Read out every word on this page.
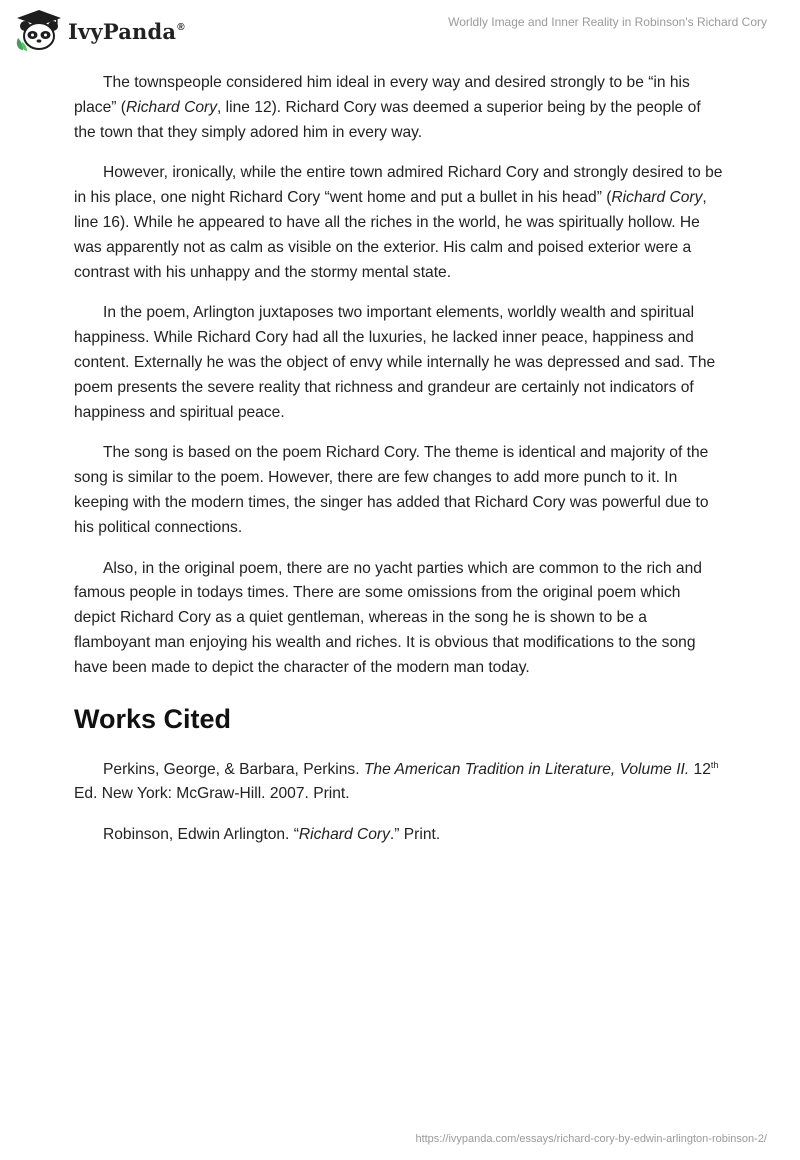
IvyPanda®	Worldly Image and Inner Reality in Robinson's Richard Cory

The townspeople considered him ideal in every way and desired strongly to be “in his place” (Richard Cory, line 12). Richard Cory was deemed a superior being by the people of the town that they simply adored him in every way.

However, ironically, while the entire town admired Richard Cory and strongly desired to be in his place, one night Richard Cory “went home and put a bullet in his head” (Richard Cory, line 16). While he appeared to have all the riches in the world, he was spiritually hollow. He was apparently not as calm as visible on the exterior. His calm and poised exterior were a contrast with his unhappy and the stormy mental state.

In the poem, Arlington juxtaposes two important elements, worldly wealth and spiritual happiness. While Richard Cory had all the luxuries, he lacked inner peace, happiness and content. Externally he was the object of envy while internally he was depressed and sad. The poem presents the severe reality that richness and grandeur are certainly not indicators of happiness and spiritual peace.

The song is based on the poem Richard Cory. The theme is identical and majority of the song is similar to the poem. However, there are few changes to add more punch to it. In keeping with the modern times, the singer has added that Richard Cory was powerful due to his political connections.

Also, in the original poem, there are no yacht parties which are common to the rich and famous people in todays times. There are some omissions from the original poem which depict Richard Cory as a quiet gentleman, whereas in the song he is shown to be a flamboyant man enjoying his wealth and riches. It is obvious that modifications to the song have been made to depict the character of the modern man today.

Works Cited

Perkins, George, & Barbara, Perkins. The American Tradition in Literature, Volume II. 12th Ed. New York: McGraw-Hill. 2007. Print.

Robinson, Edwin Arlington. “Richard Cory.” Print.

https://ivypanda.com/essays/richard-cory-by-edwin-arlington-robinson-2/
